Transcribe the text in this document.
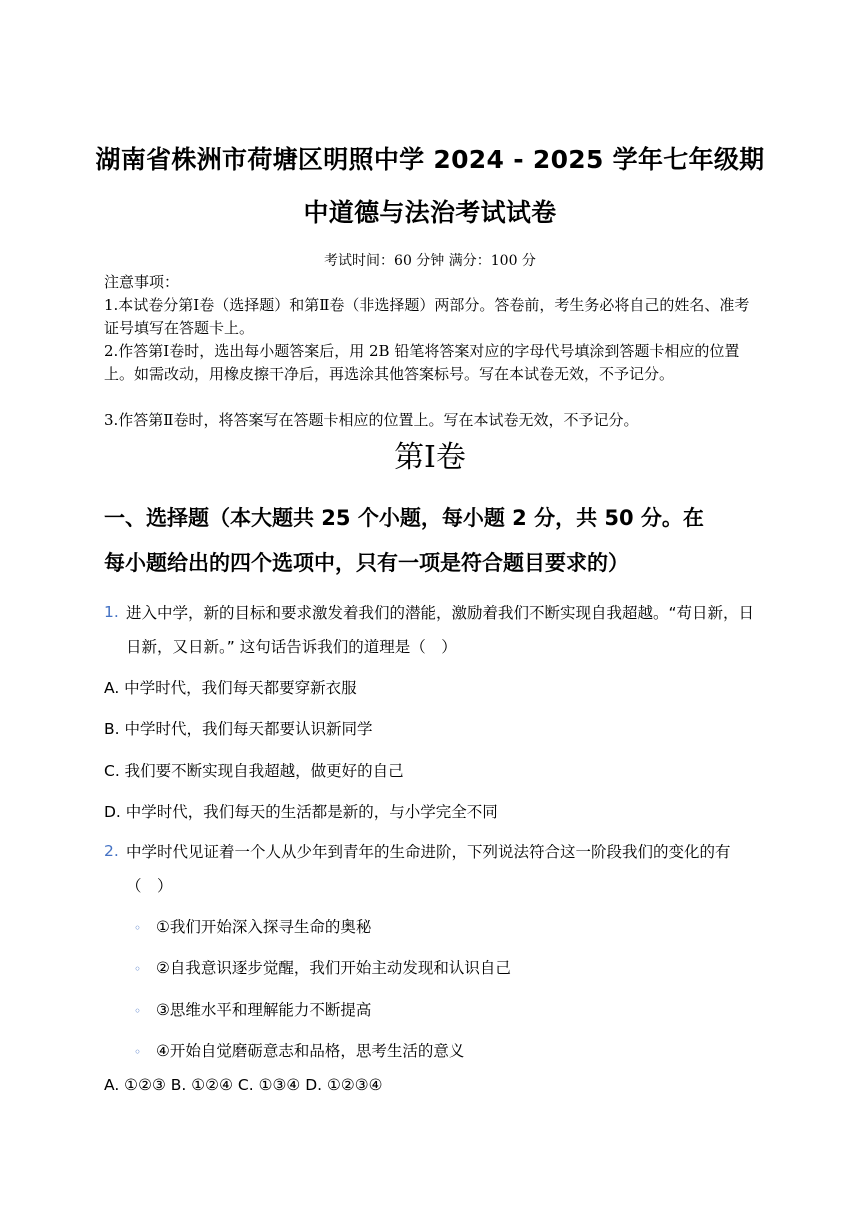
湖南省株洲市荷塘区明照中学 2024 - 2025 学年七年级期
中道德与法治考试试卷
考试时间：60 分钟 满分：100 分
注意事项：
1.本试卷分第Ⅰ卷（选择题）和第Ⅱ卷（非选择题）两部分。答卷前，考生务必将自己的姓名、准考证号填写在答题卡上。
2.作答第Ⅰ卷时，选出每小题答案后，用 2B 铅笔将答案对应的字母代号填涂到答题卡相应的位置上。如需改动，用橡皮擦干净后，再选涂其他答案标号。写在本试卷无效，不予记分。
3.作答第Ⅱ卷时，将答案写在答题卡相应的位置上。写在本试卷无效，不予记分。
第Ⅰ卷
一、选择题（本大题共 25 个小题，每小题 2 分，共 50 分。在
每小题给出的四个选项中，只有一项是符合题目要求的）
1. 进入中学，新的目标和要求激发着我们的潜能，激励着我们不断实现自我超越。“苟日新，日日新，又日新。” 这句话告诉我们的道理是（　）
A. 中学时代，我们每天都要穿新衣服
B. 中学时代，我们每天都要认识新同学
C. 我们要不断实现自我超越，做更好的自己
D. 中学时代，我们每天的生活都是新的，与小学完全不同
2. 中学时代见证着一个人从少年到青年的生命进阶，下列说法符合这一阶段我们的变化的有（　）
◦ ①我们开始深入探寻生命的奥秘
◦ ②自我意识逐步觉醒，我们开始主动发现和认识自己
◦ ③思维水平和理解能力不断提高
◦ ④开始自觉磨砺意志和品格，思考生活的意义
A. ①②③ B. ①②④ C. ①③④ D. ①②③④
